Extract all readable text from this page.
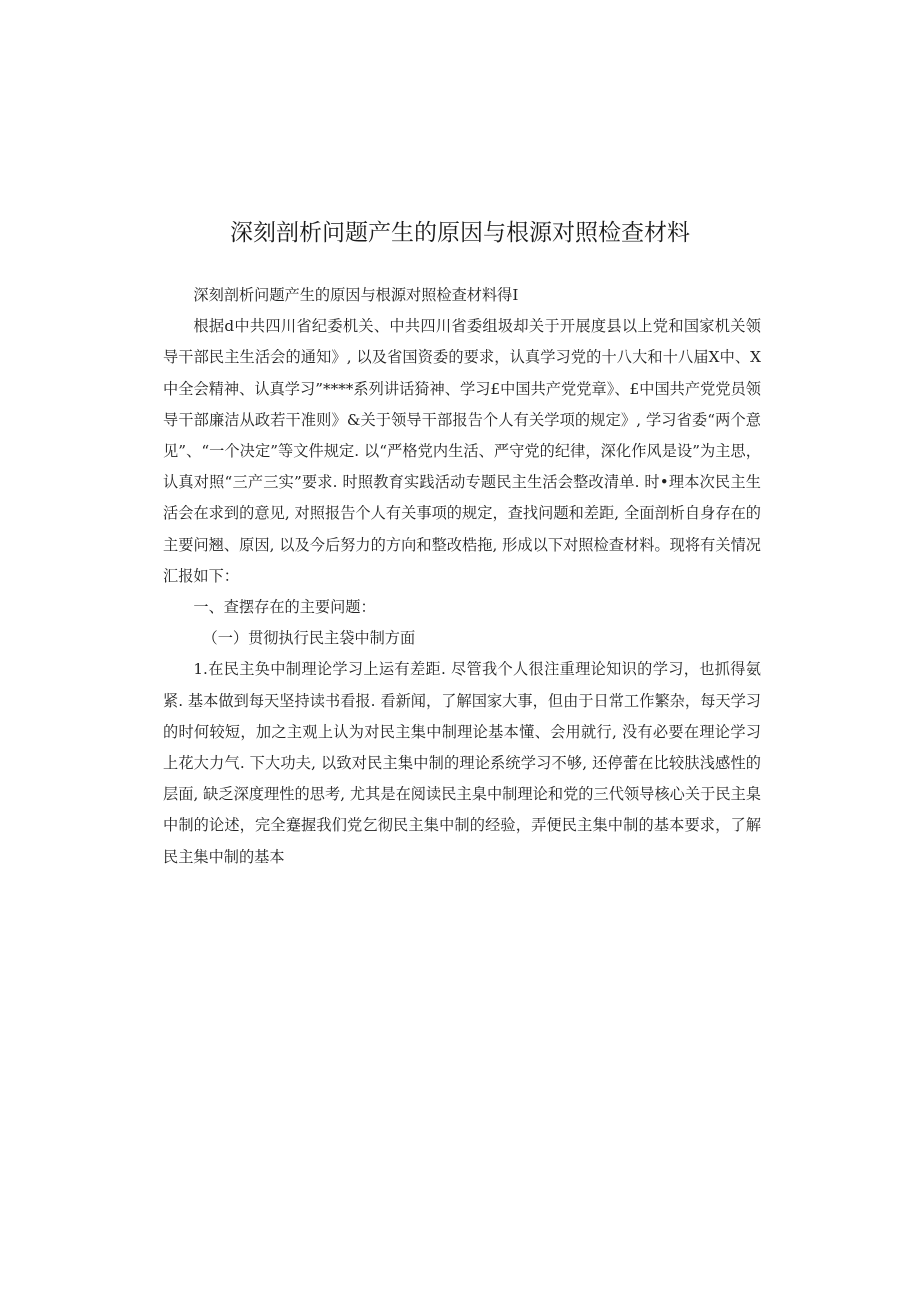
深刻剖析问题产生的原因与根源对照检查材料

深刻剖析问题产生的原因与根源对照检查材料得I

根据d中共四川省纪委机关、中共四川省委组圾却关于开展度县以上党和国家机关领导干部民主生活会的通知》, 以及省国资委的要求，认真学习党的十八大和十八届X中、X中全会精神、认真学习”****系列讲话猗神、学习£中国共产党党章》、£中国共产党党员领导干部廉洁从政若干准则》&关于领导干部报告个人有关学项的规定》, 学习省委“两个意见”、“一个决定”等文件规定. 以“严格党内生活、严守党的纪律，深化作风是设”为主思，认真对照“三产三实”要求. 时照教育实践活动专题民主生活会整改清单. 时•理本次民主生活会在求到的意见, 对照报告个人有关事项的规定，查找问题和差距, 全面剖析自身存在的主要问翘、原因, 以及今后努力的方向和整改梏拖, 形成以下对照检查材料。现将有关情况汇报如下：

一、查摆存在的主要问题：

（一）贯彻执行民主袋中制方面

1.在民主奂中制理论学习上运有差距. 尽管我个人很注重理论知识的学习，也抓得氨紧. 基本做到每天坚持读书看报. 看新闻，了解国家大事，但由于日常工作繁杂，每天学习的时何较短，加之主观上认为对民主集中制理论基本懂、会用就行, 没有必要在理论学习上花大力气. 下大功夫, 以致对民主集中制的理论系统学习不够, 还停蕾在比较肤浅感性的层面, 缺乏深度理性的思考, 尤其是在阅读民主臬中制理论和党的三代领导核心关于民主臬中制的论述，完全蹇握我们党乞彻民主集中制的经验，弄便民主集中制的基本要求，了解民主集中制的基本
